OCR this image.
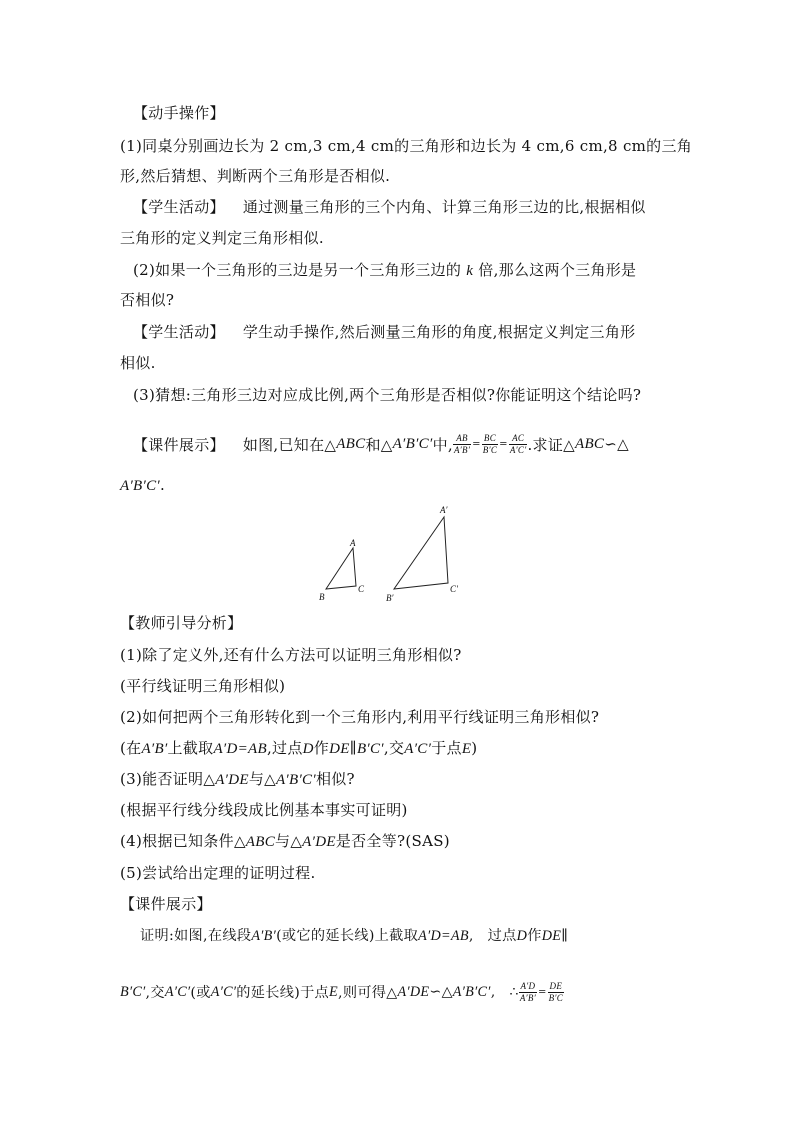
【动手操作】
(1)同桌分别画边长为 2 cm,3 cm,4 cm的三角形和边长为 4 cm,6 cm,8 cm的三角
形,然后猜想、判断两个三角形是否相似.
【学生活动】 通过测量三角形的三个内角、计算三角形三边的比,根据相似
三角形的定义判定三角形相似.
(2)如果一个三角形的三边是另一个三角形三边的 k 倍,那么这两个三角形是
否相似?
【学生活动】 学生动手操作,然后测量三角形的角度,根据定义判定三角形
相似.
(3)猜想:三角形三边对应成比例,两个三角形是否相似?你能证明这个结论吗?
【课件展示】 如图,已知在△ ABC 和△ A′B′C′ 中, $\frac{AB}{A'B'} = \frac{BC}{B'C} = \frac{AC}{A'C'}$ .求证△ ABC ∽△
A′B′C′.
A
B
C
A′
B′
C′
【教师引导分析】
(1)除了定义外,还有什么方法可以证明三角形相似?
(平行线证明三角形相似)
(2)如何把两个三角形转化到一个三角形内,利用平行线证明三角形相似?
(在A′B′上截取A′D=AB,过点D作DE∥B′C′,交A′C′于点E)
(3)能否证明△A′DE与△A′B′C′相似?
(根据平行线分线段成比例基本事实可证明)
(4)根据已知条件△ABC与△A′DE是否全等?(SAS)
(5)尝试给出定理的证明过程.
【课件展示】
证明:如图,在线段A′B′(或它的延长线)上截取A′D=AB, 过点D作DE∥
B′C′ ,交 A′C′ (或 A′C′ 的延长线)于点 E ,则可得△ A′DE ∽△ A′B′C′ , ∴ $\frac{A'D}{A'B'} = \frac{DE}{B'C}$
